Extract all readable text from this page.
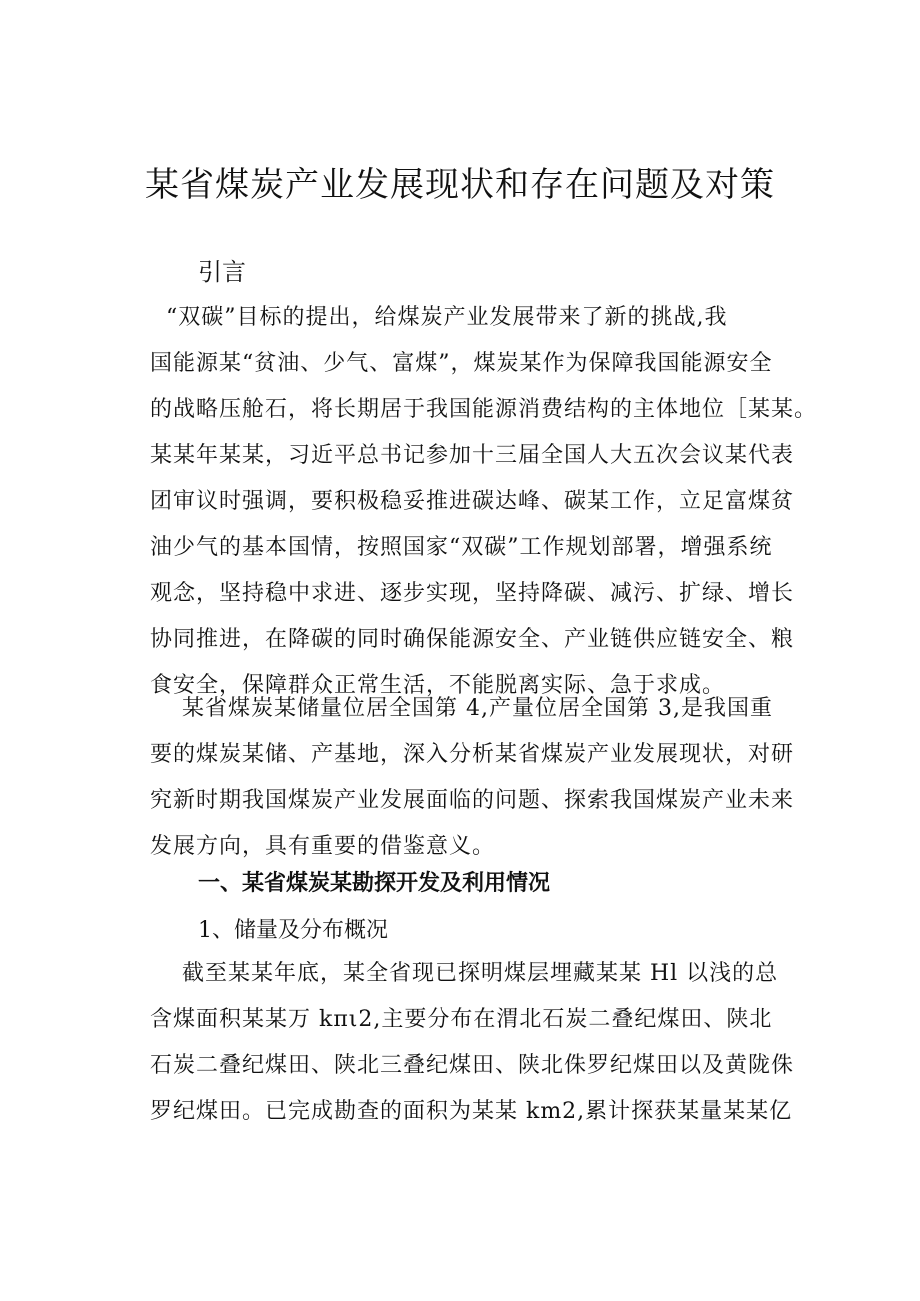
某省煤炭产业发展现状和存在问题及对策
引言
“双碳”目标的提出，给煤炭产业发展带来了新的挑战,我
国能源某“贫油、少气、富煤”，煤炭某作为保障我国能源安全
的战略压舱石，将长期居于我国能源消费结构的主体地位［某某。
某某年某某，习近平总书记参加十三届全国人大五次会议某代表
团审议时强调，要积极稳妥推进碳达峰、碳某工作，立足富煤贫
油少气的基本国情，按照国家“双碳”工作规划部署，增强系统
观念，坚持稳中求进、逐步实现，坚持降碳、减污、扩绿、增长
协同推进，在降碳的同时确保能源安全、产业链供应链安全、粮
食安全，保障群众正常生活，不能脱离实际、急于求成。
某省煤炭某储量位居全国第 4,产量位居全国第 3,是我国重
要的煤炭某储、产基地，深入分析某省煤炭产业发展现状，对研
究新时期我国煤炭产业发展面临的问题、探索我国煤炭产业未来
发展方向，具有重要的借鉴意义。
一、某省煤炭某勘探开发及利用情况
1、储量及分布概况
截至某某年底，某全省现已探明煤层埋藏某某 Hl 以浅的总
含煤面积某某万 kπι2,主要分布在渭北石炭二叠纪煤田、陕北
石炭二叠纪煤田、陕北三叠纪煤田、陕北侏罗纪煤田以及黄陇侏
罗纪煤田。已完成勘查的面积为某某 km2,累计探获某量某某亿
